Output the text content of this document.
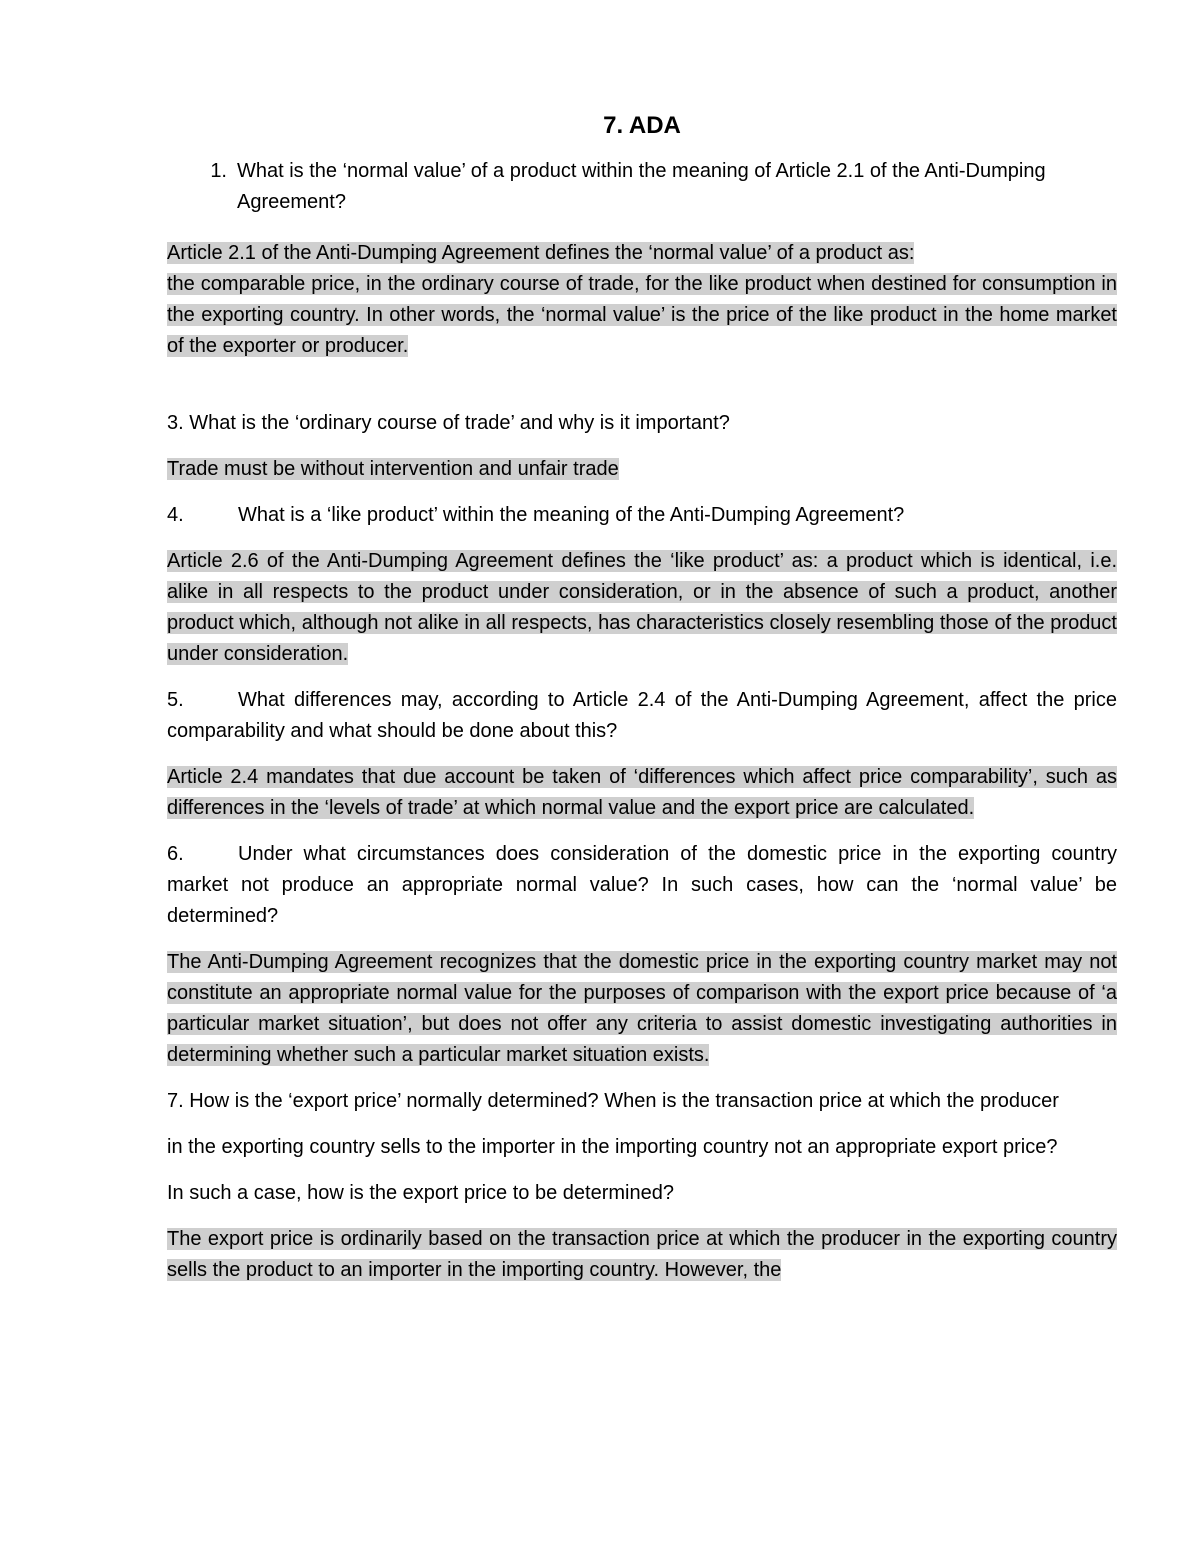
7. ADA
1. What is the ‘normal value’ of a product within the meaning of Article 2.1 of the Anti-Dumping Agreement?
Article 2.1 of the Anti-Dumping Agreement defines the ‘normal value’ of a product as:
the comparable price, in the ordinary course of trade, for the like product when destined for consumption in the exporting country. In other words, the ‘normal value’ is the price of the like product in the home market of the exporter or producer.
3. What is the ‘ordinary course of trade’ and why is it important?
Trade must be without intervention and unfair trade
4.	What is a ‘like product’ within the meaning of the Anti-Dumping Agreement?
Article 2.6 of the Anti-Dumping Agreement defines the ‘like product’ as: a product which is identical, i.e. alike in all respects to the product under consideration, or in the absence of such a product, another product which, although not alike in all respects, has characteristics closely resembling those of the product under consideration.
5.	What differences may, according to Article 2.4 of the Anti-Dumping Agreement, affect the price comparability and what should be done about this?
Article 2.4 mandates that due account be taken of ‘differences which affect price comparability’, such as differences in the ‘levels of trade’ at which normal value and the export price are calculated.
6.	Under what circumstances does consideration of the domestic price in the exporting country market not produce an appropriate normal value? In such cases, how can the ‘normal value’ be determined?
The Anti-Dumping Agreement recognizes that the domestic price in the exporting country market may not constitute an appropriate normal value for the purposes of comparison with the export price because of ‘a particular market situation’, but does not offer any criteria to assist domestic investigating authorities in determining whether such a particular market situation exists.
7. How is the ‘export price’ normally determined? When is the transaction price at which the producer
in the exporting country sells to the importer in the importing country not an appropriate export price?
In such a case, how is the export price to be determined?
The export price is ordinarily based on the transaction price at which the producer in the exporting country sells the product to an importer in the importing country. However, the
